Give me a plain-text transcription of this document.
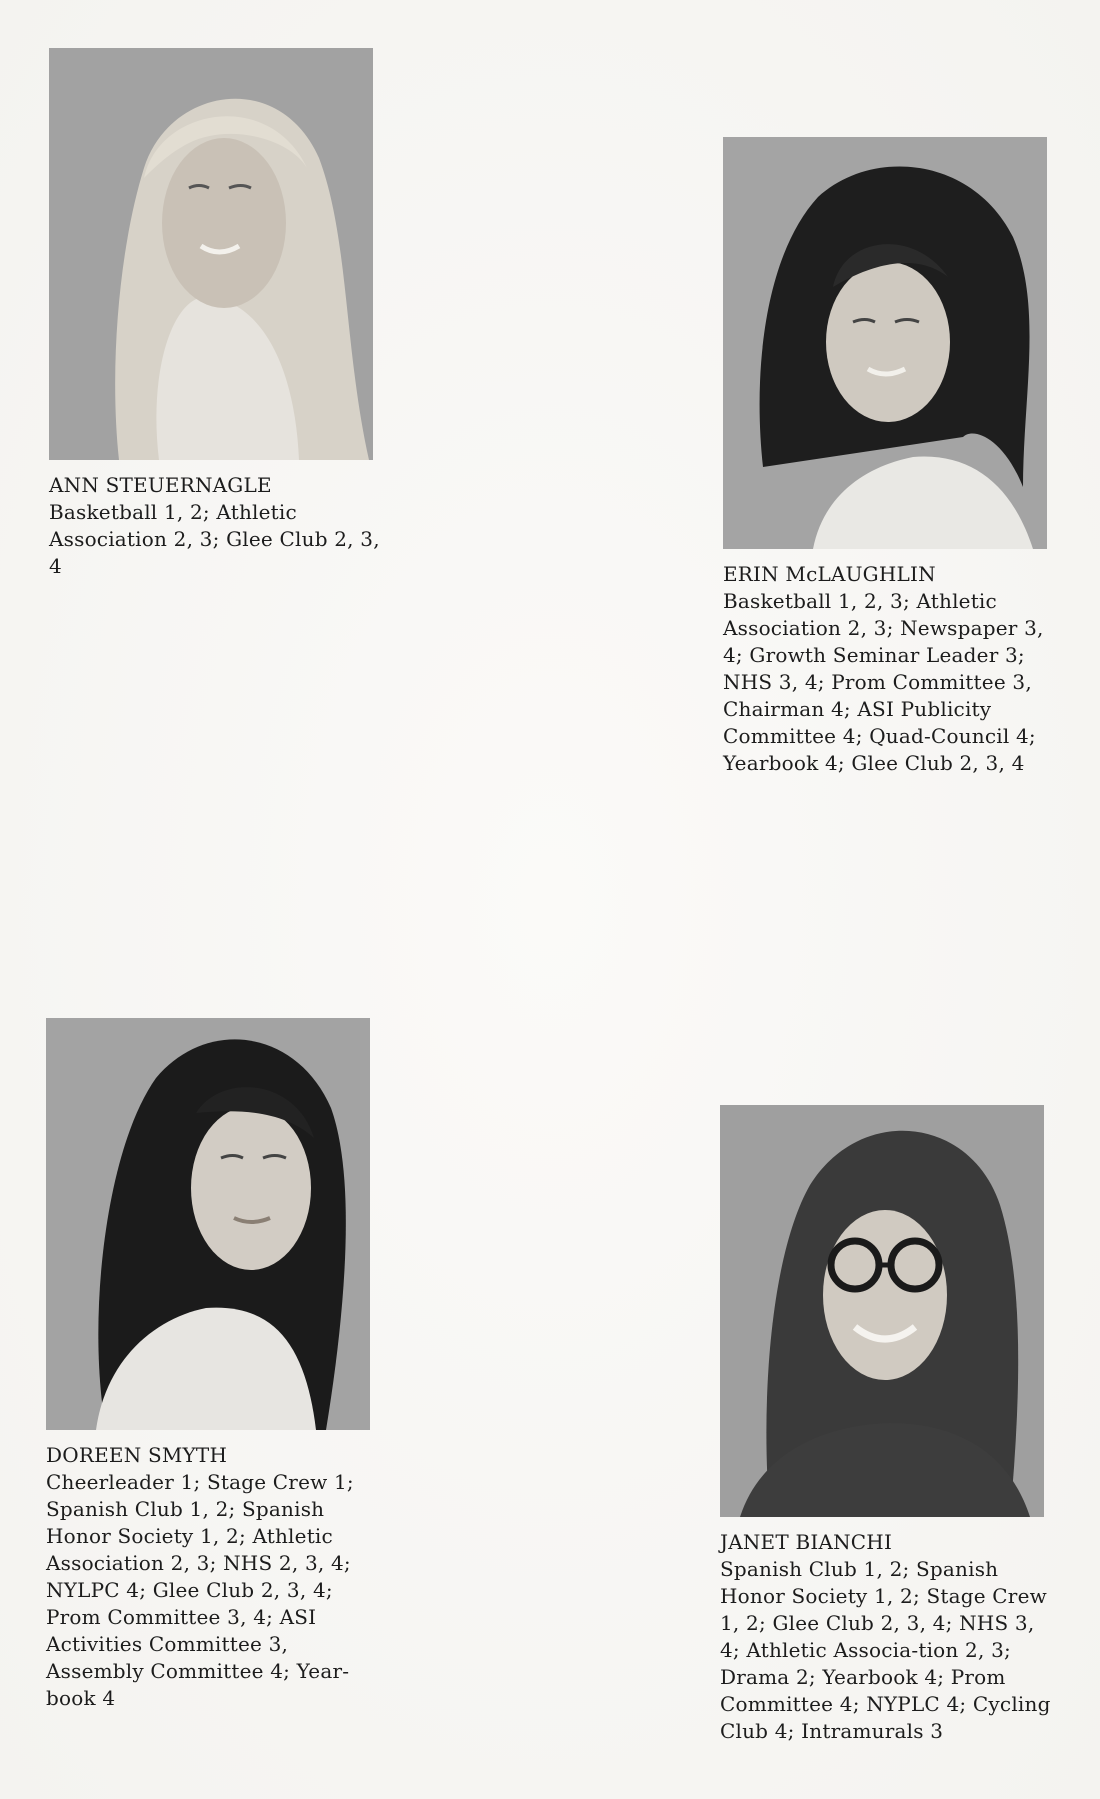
ANN STEUERNAGLE
Basketball 1, 2; Athletic Association 2, 3; Glee Club 2, 3, 4	ERIN McLAUGHLIN
Basketball 1, 2, 3; Athletic Association 2, 3; Newspaper 3, 4; Growth Seminar Leader 3; NHS 3, 4; Prom Committee 3, Chairman 4; ASI Publicity Committee 4; Quad-Council 4; Yearbook 4; Glee Club 2, 3, 4
DOREEN SMYTH
Cheerleader 1; Stage Crew 1; Spanish Club 1, 2; Spanish Honor Society 1, 2; Athletic Association 2, 3; NHS 2, 3, 4; NYLPC 4; Glee Club 2, 3, 4; Prom Committee 3, 4; ASI Activities Committee 3, Assembly Committee 4; Year-book 4
JANET BIANCHI
Spanish Club 1, 2; Spanish Honor Society 1, 2; Stage Crew 1, 2; Glee Club 2, 3, 4; NHS 3, 4; Athletic Associa-tion 2, 3; Drama 2; Yearbook 4; Prom Committee 4; NYPLC 4; Cycling Club 4; Intramurals 3
